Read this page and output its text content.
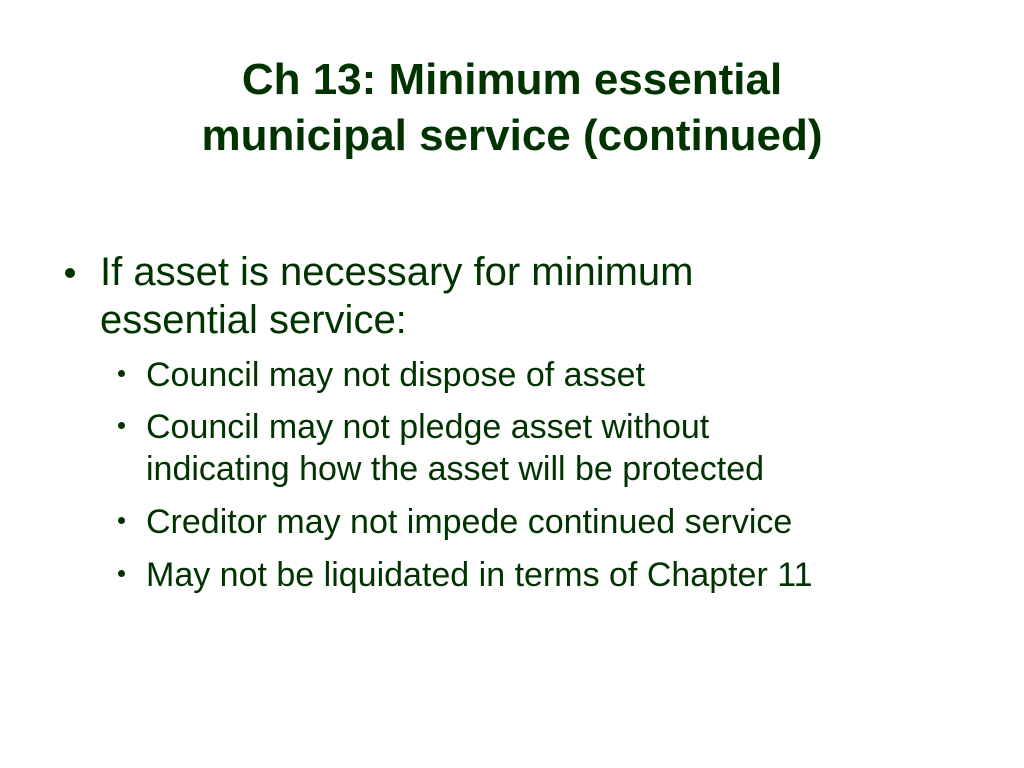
Ch 13: Minimum essential
municipal service (continued)
If asset is necessary for minimum
essential service:
Council may not dispose of asset
Council may not pledge asset without
indicating how the asset will be protected
Creditor may not impede continued service
May not be liquidated in terms of Chapter 11
